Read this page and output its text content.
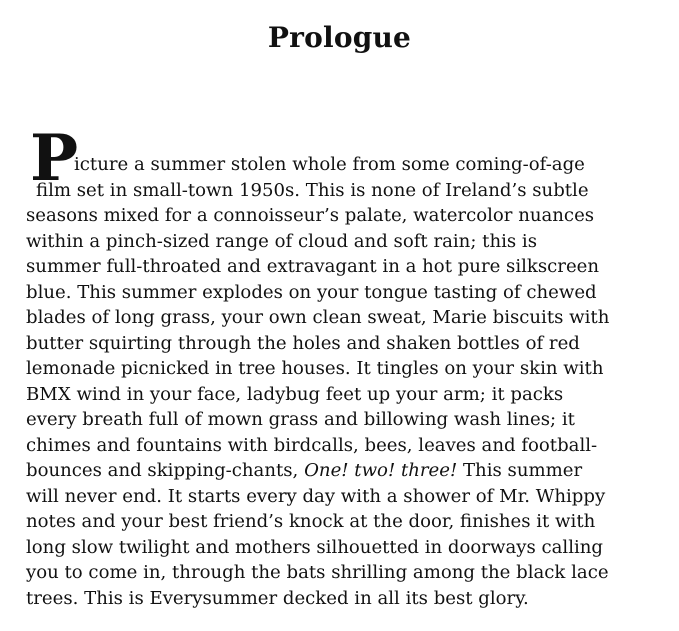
Prologue
P
icture a summer stolen whole from some coming-of-age
film set in small-town 1950s. This is none of Ireland’s subtle
seasons mixed for a connoisseur’s palate, watercolor nuances
within a pinch-sized range of cloud and soft rain; this is
summer full-throated and extravagant in a hot pure silkscreen
blue. This summer explodes on your tongue tasting of chewed
blades of long grass, your own clean sweat, Marie biscuits with
butter squirting through the holes and shaken bottles of red
lemonade picnicked in tree houses. It tingles on your skin with
BMX wind in your face, ladybug feet up your arm; it packs
every breath full of mown grass and billowing wash lines; it
chimes and fountains with birdcalls, bees, leaves and football-
bounces and skipping-chants, One! two! three! This summer
will never end. It starts every day with a shower of Mr. Whippy
notes and your best friend’s knock at the door, finishes it with
long slow twilight and mothers silhouetted in doorways calling
you to come in, through the bats shrilling among the black lace
trees. This is Everysummer decked in all its best glory.
